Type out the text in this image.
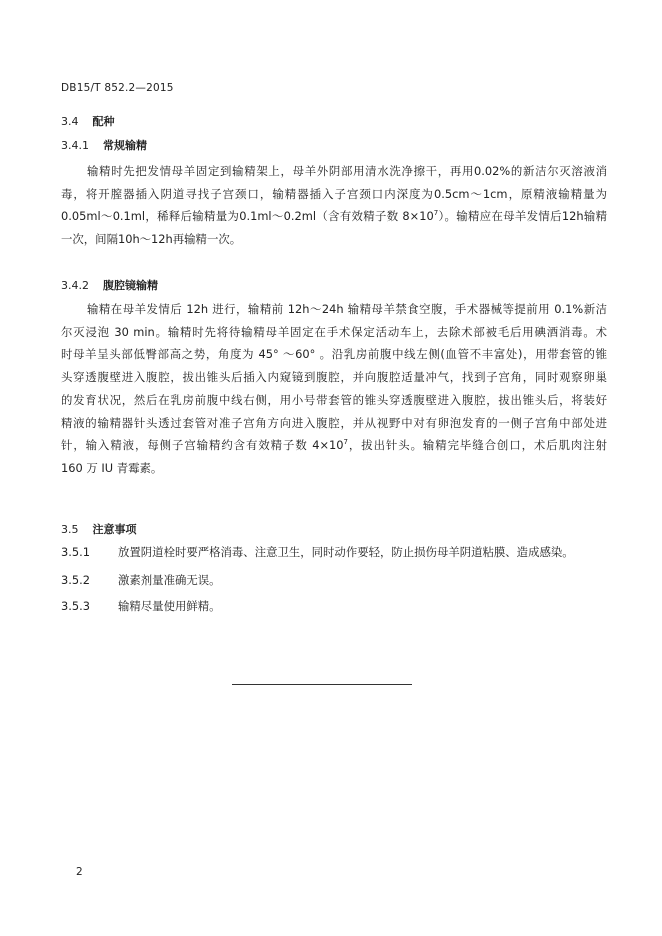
DB15/T 852.2—2015
3.4 配种
3.4.1 常规输精
输精时先把发情母羊固定到输精架上，母羊外阴部用清水洗净擦干，再用0.02%的新洁尔灭溶液消
毒，将开膣器插入阴道寻找子宫颈口，输精器插入子宫颈口内深度为0.5cm～1cm，原精液输精量为
0.05ml～0.1ml，稀释后输精量为0.1ml～0.2ml（含有效精子数 $8\times 10^7$）。输精应在母羊发情后12h输精
一次，间隔10h～12h再输精一次。
3.4.2 腹腔镜输精
输精在母羊发情后 12h 进行，输精前 12h～24h 输精母羊禁食空腹，手术器械等提前用 0.1%新洁
尔灭浸泡 30 min。输精时先将待输精母羊固定在手术保定活动车上，去除术部被毛后用碘酒消毒。术
时母羊呈头部低臀部高之势，角度为 45° ～60° 。沿乳房前腹中线左侧(血管不丰富处)，用带套管的锥
头穿透腹壁进入腹腔，拔出锥头后插入内窥镜到腹腔，并向腹腔适量冲气，找到子宫角，同时观察卵巢
的发育状况，然后在乳房前腹中线右侧，用小号带套管的锥头穿透腹壁进入腹腔，拔出锥头后，将装好
精液的输精器针头透过套管对准子宫角方向进入腹腔，并从视野中对有卵泡发育的一侧子宫角中部处进
针，输入精液，每侧子宫输精约含有效精子数 $4\times 10^7$，拔出针头。输精完毕缝合创口，术后肌肉注射
160 万 IU 青霉素。
3.5 注意事项
3.5.1 放置阴道栓时要严格消毒、注意卫生，同时动作要轻，防止损伤母羊阴道粘膜、造成感染。
3.5.2 激素剂量准确无误。
3.5.3 输精尽量使用鲜精。
2
